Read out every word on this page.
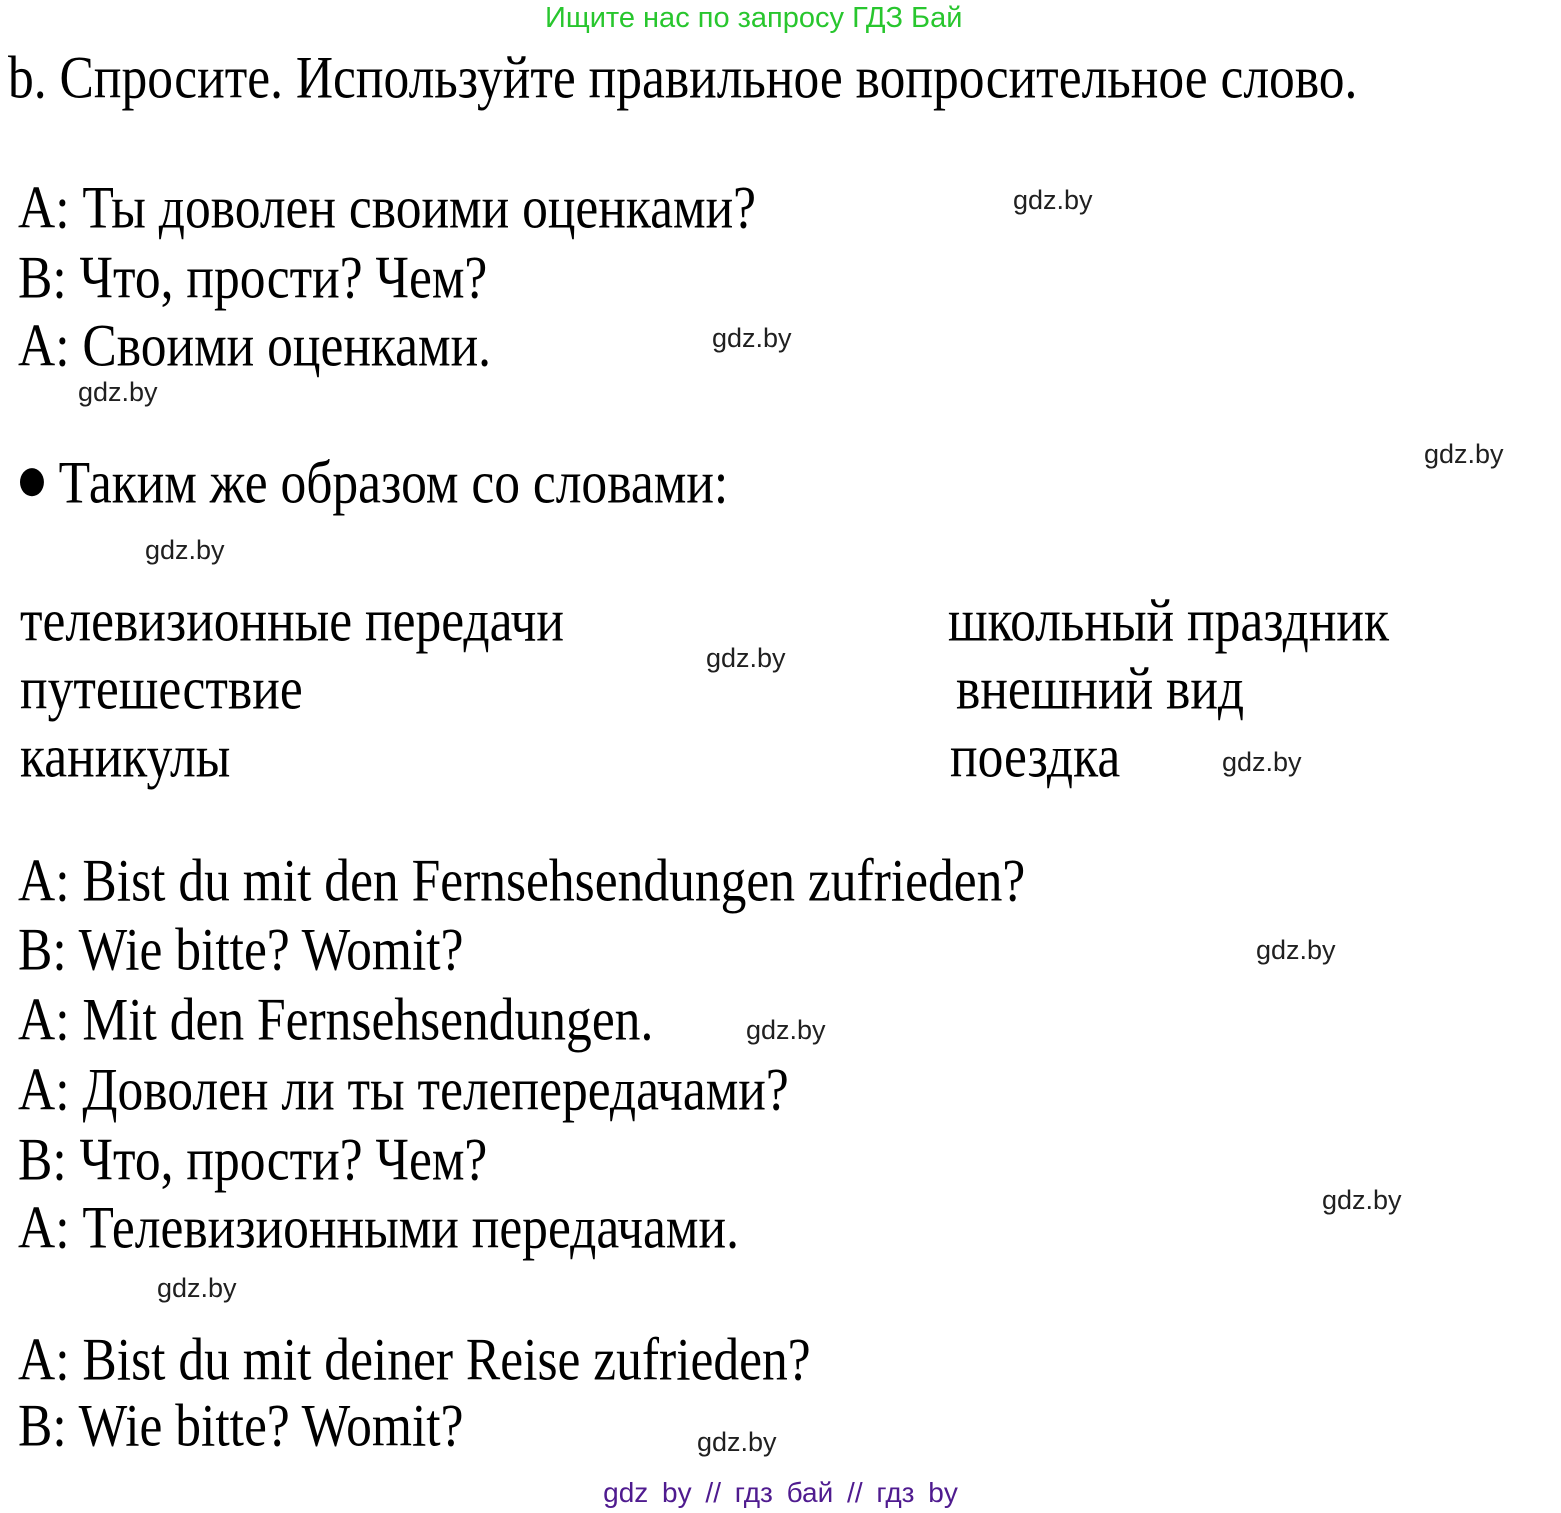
Ищите нас по запросу ГДЗ Бай
b. Спросите. Используйте правильное вопросительное слово.
A: Ты доволен своими оценками?
B: Что, прости? Чем?
A: Своими оценками.
Таким же образом со словами:
телевизионные передачи
путешествие
каникулы
школьный праздник
внешний вид
поездка
A: Bist du mit den Fernsehsendungen zufrieden?
B: Wie bitte? Womit?
A: Mit den Fernsehsendungen.
A: Доволен ли ты телепередачами?
B: Что, прости? Чем?
A: Телевизионными передачами.
A: Bist du mit deiner Reise zufrieden?
B: Wie bitte? Womit?
gdz.by
gdz.by
gdz.by
gdz.by
gdz.by
gdz.by
gdz.by
gdz.by
gdz.by
gdz.by
gdz.by
gdz.by
gdz by // гдз бай // гдз by
